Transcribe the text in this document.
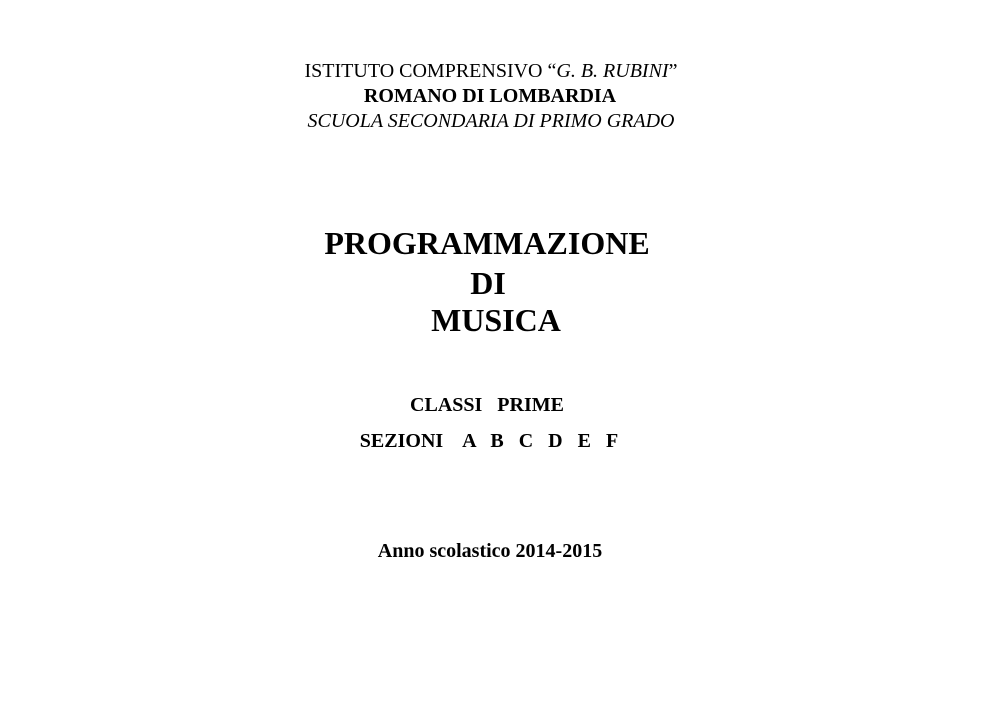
ISTITUTO COMPRENSIVO “G. B. RUBINI”
ROMANO DI LOMBARDIA
SCUOLA SECONDARIA DI PRIMO GRADO
PROGRAMMAZIONE
DI
MUSICA
CLASSI   PRIME
SEZIONI    A   B   C   D   E   F
Anno scolastico 2014-2015
